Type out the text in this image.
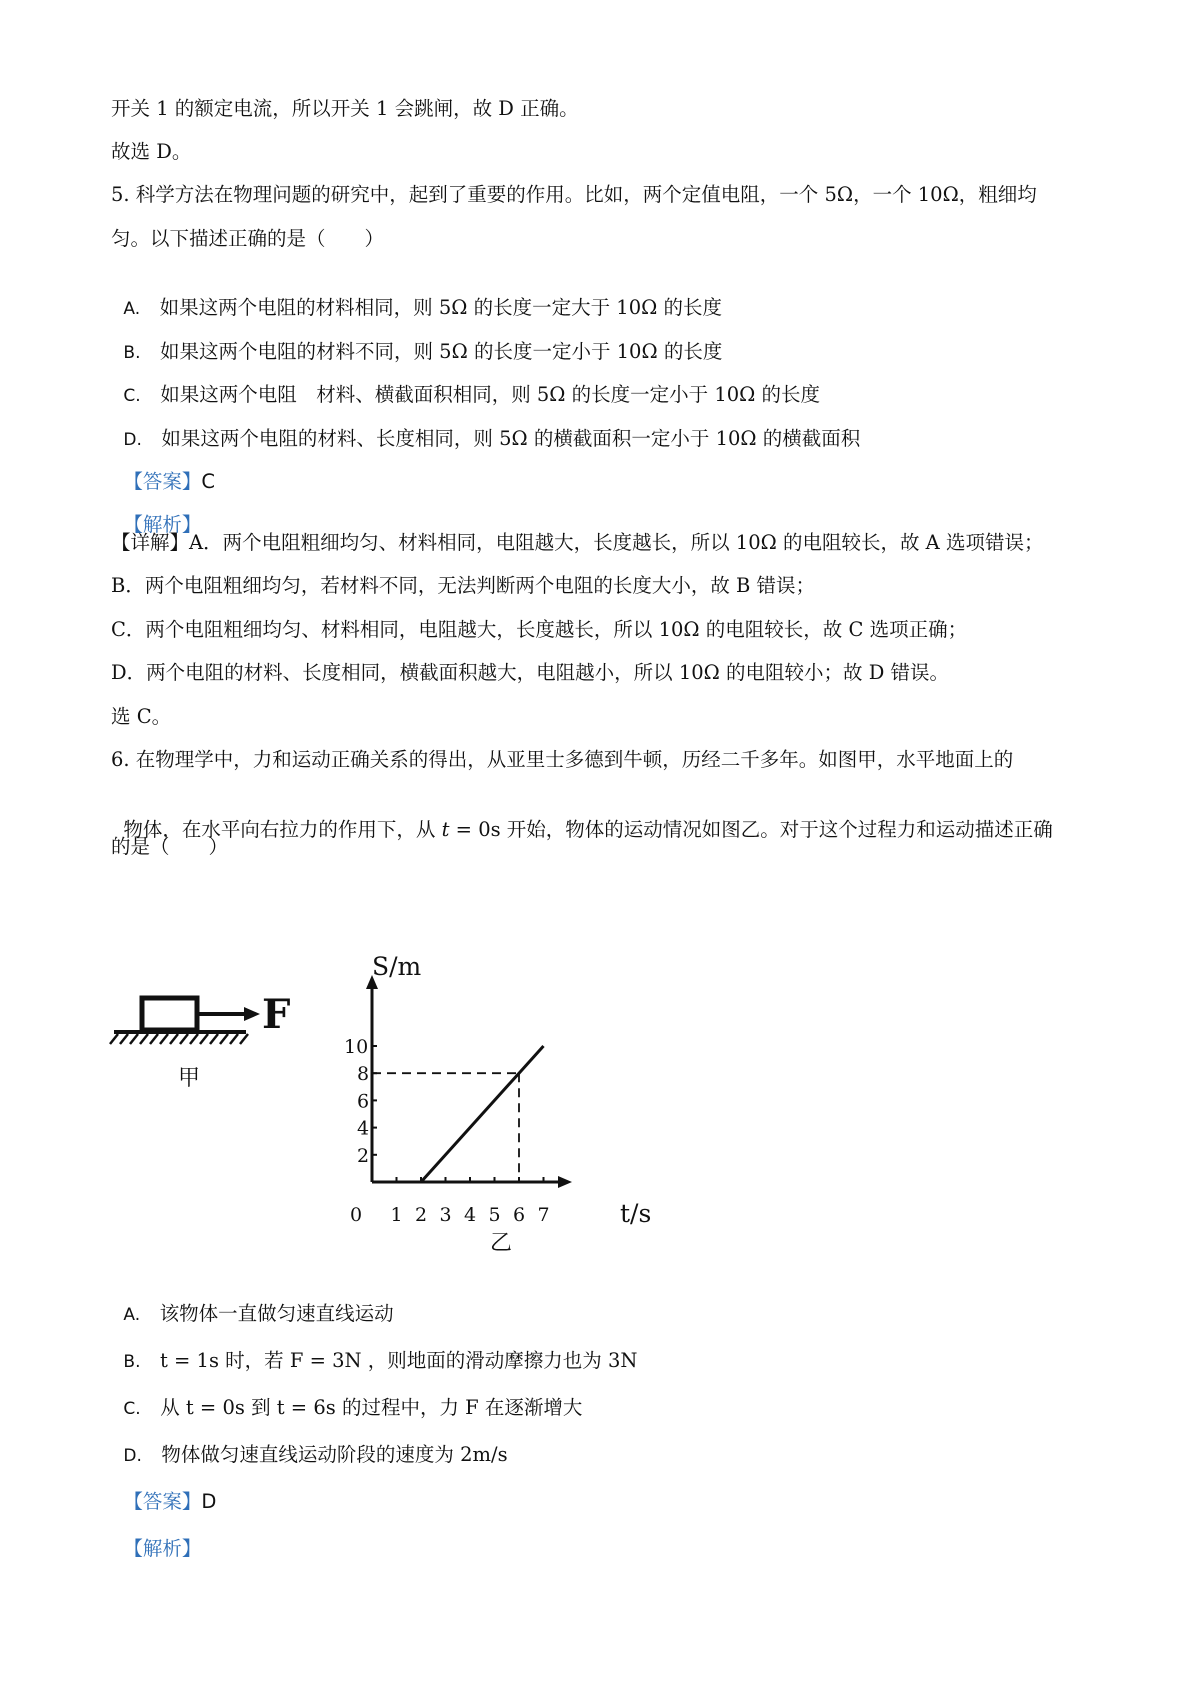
开关 1 的额定电流，所以开关 1 会跳闸，故 D 正确。
故选 D。
5. 科学方法在物理问题的研究中，起到了重要的作用。比如，两个定值电阻，一个 5Ω，一个 10Ω，粗细均
匀。以下描述正确的是（　　）

A.  如果这两个电阻的材料相同，则 5Ω 的长度一定大于 10Ω 的长度

B.  如果这两个电阻的材料不同，则 5Ω 的长度一定小于 10Ω 的长度

C.  如果这两个电阻　材料、横截面积相同，则 5Ω 的长度一定小于 10Ω 的长度

D.  如果这两个电阻的材料、长度相同，则 5Ω 的横截面积一定小于 10Ω 的横截面积

【答案】C

【解析】

【详解】A．两个电阻粗细均匀、材料相同，电阻越大，长度越长，所以 10Ω 的电阻较长，故 A 选项错误；
B．两个电阻粗细均匀，若材料不同，无法判断两个电阻的长度大小，故 B 错误；
C．两个电阻粗细均匀、材料相同，电阻越大，长度越长，所以 10Ω 的电阻较长，故 C 选项正确；
D．两个电阻的材料、长度相同，横截面积越大，电阻越小，所以 10Ω 的电阻较小；故 D 错误。
选 C。
6. 在物理学中，力和运动正确关系的得出，从亚里士多德到牛顿，历经二千多年。如图甲，水平地面上的

物体，在水平向右拉力的作用下，从 t = 0s 开始，物体的运动情况如图乙。对于这个过程力和运动描述正确

的是（　　）
F
甲
0 1 2 3 4 5 6 7
2
4
6
8
10
S/m
t/s
乙

A.  该物体一直做匀速直线运动

B.  t = 1s 时，若 F = 3N ，则地面的滑动摩擦力也为 3N

C.  从 t = 0s 到 t = 6s 的过程中，力 F 在逐渐增大

D.  物体做匀速直线运动阶段的速度为 2m/s

【答案】D

【解析】
